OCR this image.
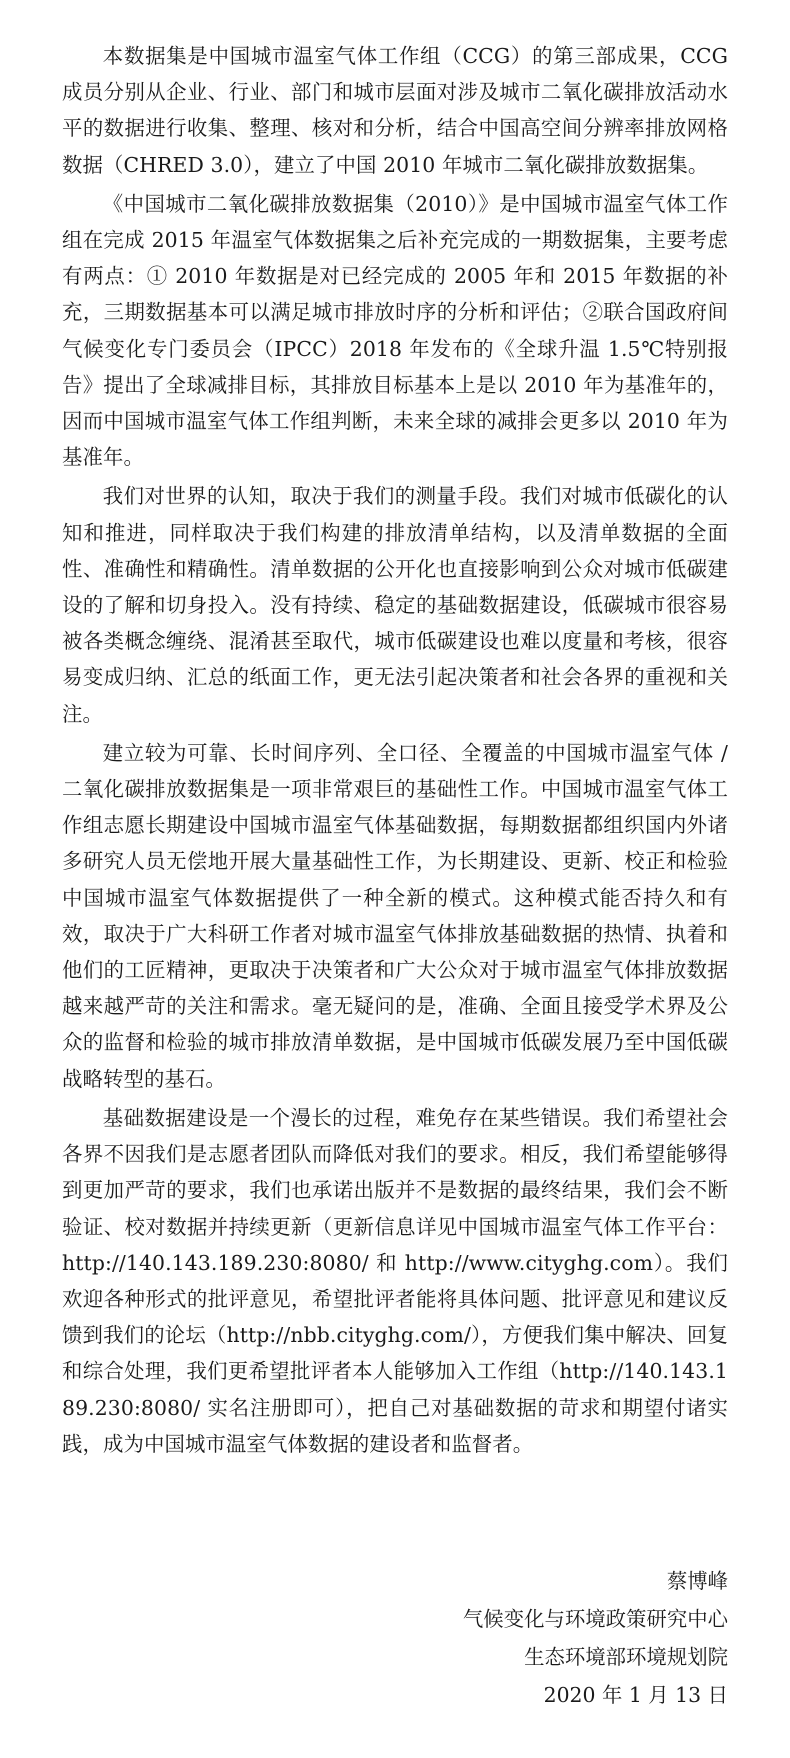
本数据集是中国城市温室气体工作组（CCG）的第三部成果，CCG成员分别从企业、行业、部门和城市层面对涉及城市二氧化碳排放活动水平的数据进行收集、整理、核对和分析，结合中国高空间分辨率排放网格数据（CHRED 3.0），建立了中国 2010 年城市二氧化碳排放数据集。

《中国城市二氧化碳排放数据集（2010）》是中国城市温室气体工作组在完成 2015 年温室气体数据集之后补充完成的一期数据集，主要考虑有两点：① 2010 年数据是对已经完成的 2005 年和 2015 年数据的补充，三期数据基本可以满足城市排放时序的分析和评估；②联合国政府间气候变化专门委员会（IPCC）2018 年发布的《全球升温 1.5℃特别报告》提出了全球减排目标，其排放目标基本上是以 2010 年为基准年的，因而中国城市温室气体工作组判断，未来全球的减排会更多以 2010 年为基准年。

我们对世界的认知，取决于我们的测量手段。我们对城市低碳化的认知和推进，同样取决于我们构建的排放清单结构，以及清单数据的全面性、准确性和精确性。清单数据的公开化也直接影响到公众对城市低碳建设的了解和切身投入。没有持续、稳定的基础数据建设，低碳城市很容易被各类概念缠绕、混淆甚至取代，城市低碳建设也难以度量和考核，很容易变成归纳、汇总的纸面工作，更无法引起决策者和社会各界的重视和关注。

建立较为可靠、长时间序列、全口径、全覆盖的中国城市温室气体 / 二氧化碳排放数据集是一项非常艰巨的基础性工作。中国城市温室气体工作组志愿长期建设中国城市温室气体基础数据，每期数据都组织国内外诸多研究人员无偿地开展大量基础性工作，为长期建设、更新、校正和检验中国城市温室气体数据提供了一种全新的模式。这种模式能否持久和有效，取决于广大科研工作者对城市温室气体排放基础数据的热情、执着和他们的工匠精神，更取决于决策者和广大公众对于城市温室气体排放数据越来越严苛的关注和需求。毫无疑问的是，准确、全面且接受学术界及公众的监督和检验的城市排放清单数据，是中国城市低碳发展乃至中国低碳战略转型的基石。

基础数据建设是一个漫长的过程，难免存在某些错误。我们希望社会各界不因我们是志愿者团队而降低对我们的要求。相反，我们希望能够得到更加严苛的要求，我们也承诺出版并不是数据的最终结果，我们会不断验证、校对数据并持续更新（更新信息详见中国城市温室气体工作平台：http://140.143.189.230:8080/ 和 http://www.cityghg.com）。我们欢迎各种形式的批评意见，希望批评者能将具体问题、批评意见和建议反馈到我们的论坛（http://nbb.cityghg.com/），方便我们集中解决、回复和综合处理，我们更希望批评者本人能够加入工作组（http://140.143.189.230:8080/ 实名注册即可），把自己对基础数据的苛求和期望付诸实践，成为中国城市温室气体数据的建设者和监督者。

蔡博峰
气候变化与环境政策研究中心
生态环境部环境规划院
2020 年 1 月 13 日
